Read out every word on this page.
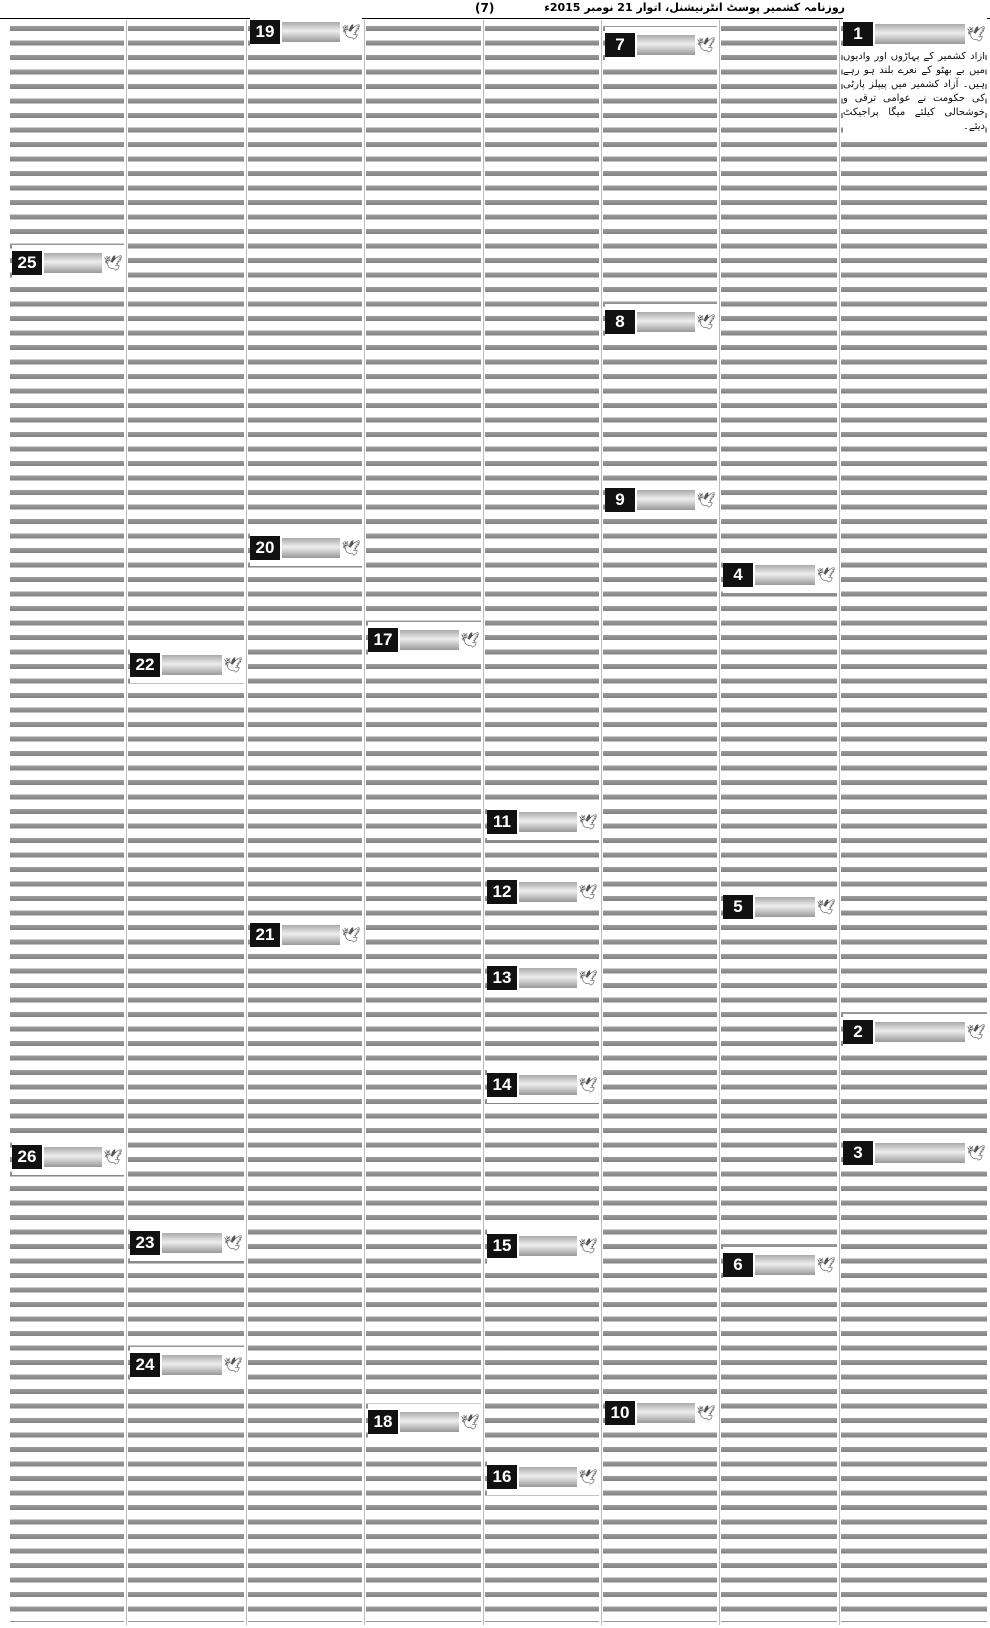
روزنامہ کشمیر پوسٹ انٹرنیشنل، اتوار 21 نومبر 2015ء
(7)
آزاد کشمیر کے پہاڑوں اور وادیوں میں بے بھٹو کے نعرے بلند ہو رہے ہیں۔ آزاد کشمیر میں پیپلز پارٹی کی حکومت نے عوامی ترقی و خوشحالی کیلئے میگا پراجیکٹ دیئے۔
1	🕊
2	🕊
3	🕊
4	🕊
5	🕊
6	🕊
7	🕊
8	🕊
9	🕊
10	🕊
11	🕊
12	🕊
13	🕊
14	🕊
15	🕊
16	🕊
17	🕊
18	🕊
19	🕊
20	🕊
21	🕊
22	🕊
23	🕊
24	🕊
25	🕊
26	🕊
